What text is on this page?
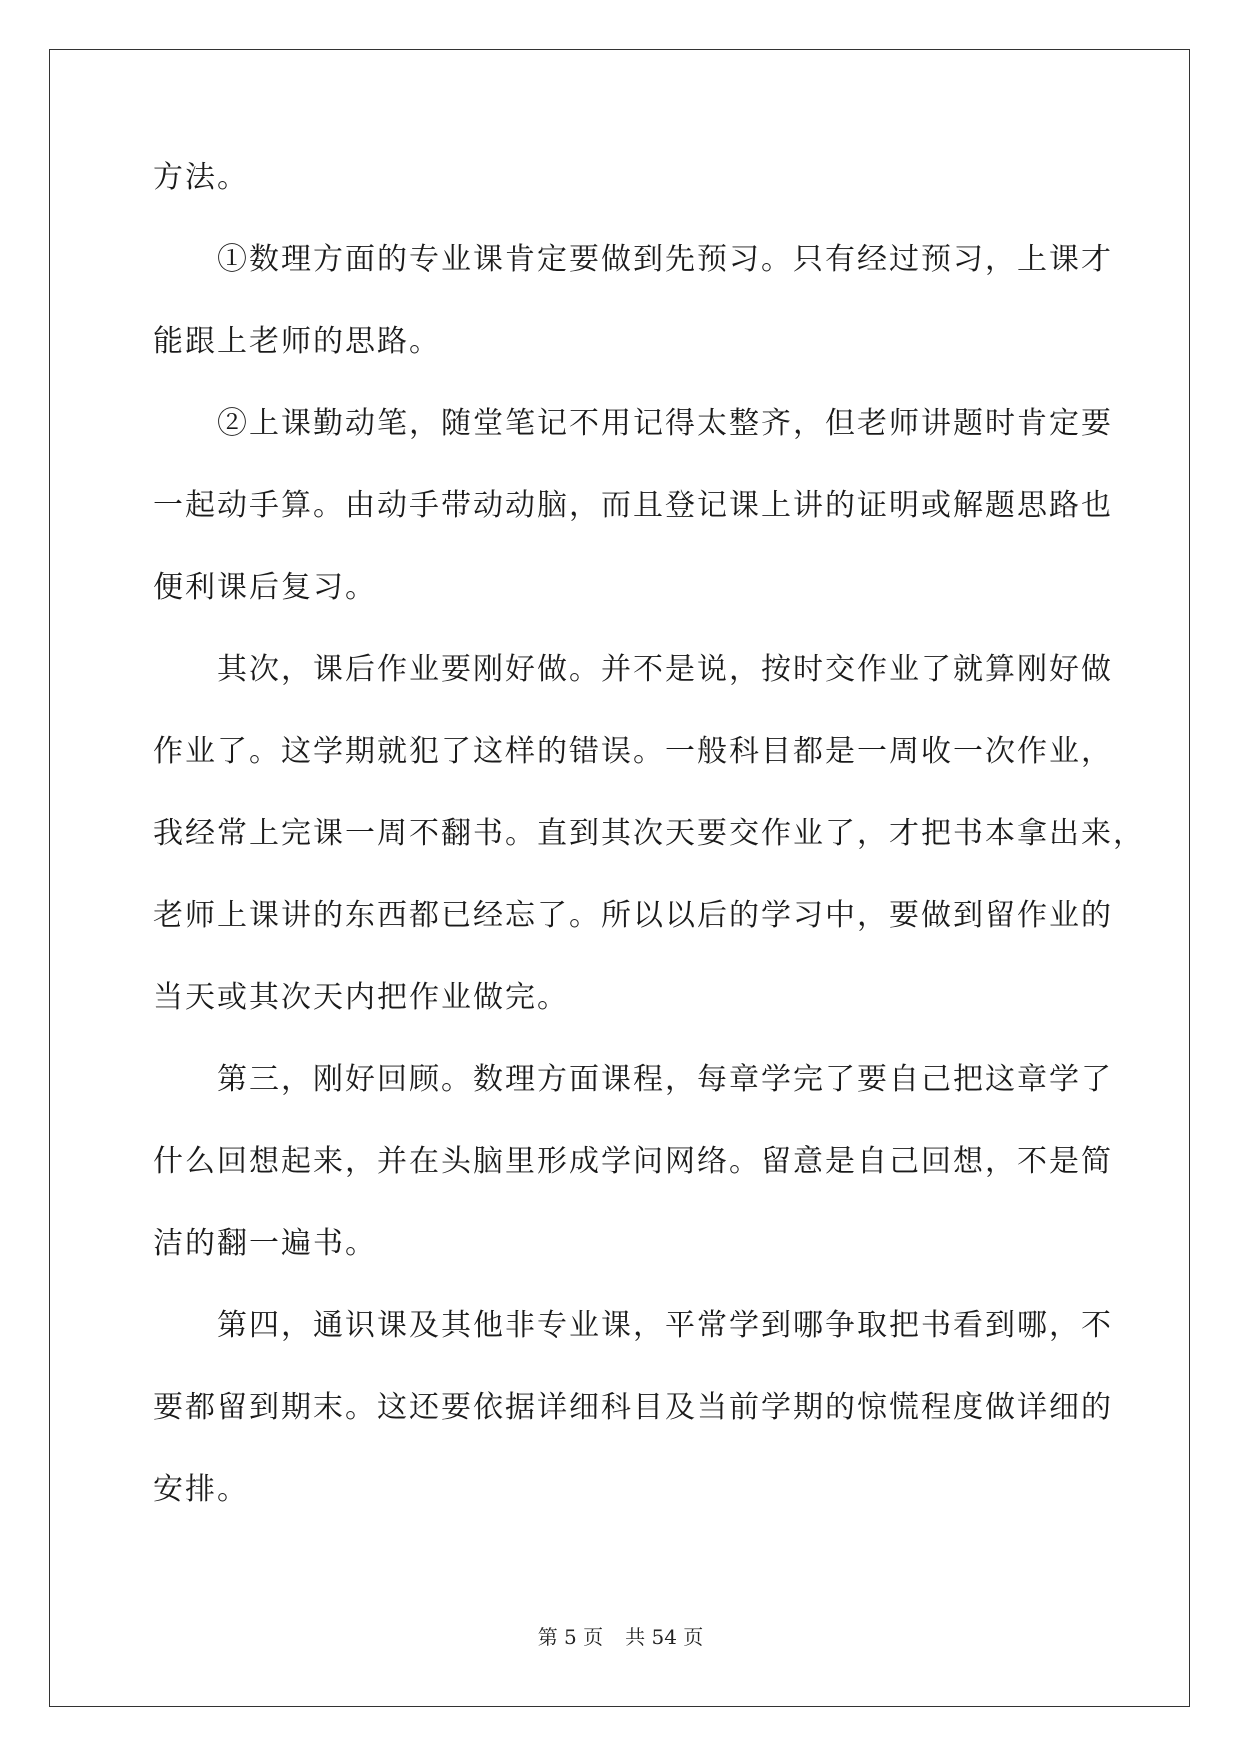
方法。

　　①数理方面的专业课肯定要做到先预习。只有经过预习，上课才

能跟上老师的思路。

　　②上课勤动笔，随堂笔记不用记得太整齐，但老师讲题时肯定要

一起动手算。由动手带动动脑，而且登记课上讲的证明或解题思路也

便利课后复习。

　　其次，课后作业要刚好做。并不是说，按时交作业了就算刚好做

作业了。这学期就犯了这样的错误。一般科目都是一周收一次作业，

我经常上完课一周不翻书。直到其次天要交作业了，才把书本拿出来，

老师上课讲的东西都已经忘了。所以以后的学习中，要做到留作业的

当天或其次天内把作业做完。

　　第三，刚好回顾。数理方面课程，每章学完了要自己把这章学了

什么回想起来，并在头脑里形成学问网络。留意是自己回想，不是简

洁的翻一遍书。

　　第四，通识课及其他非专业课，平常学到哪争取把书看到哪，不

要都留到期末。这还要依据详细科目及当前学期的惊慌程度做详细的

安排。

第 5 页 共 54 页
